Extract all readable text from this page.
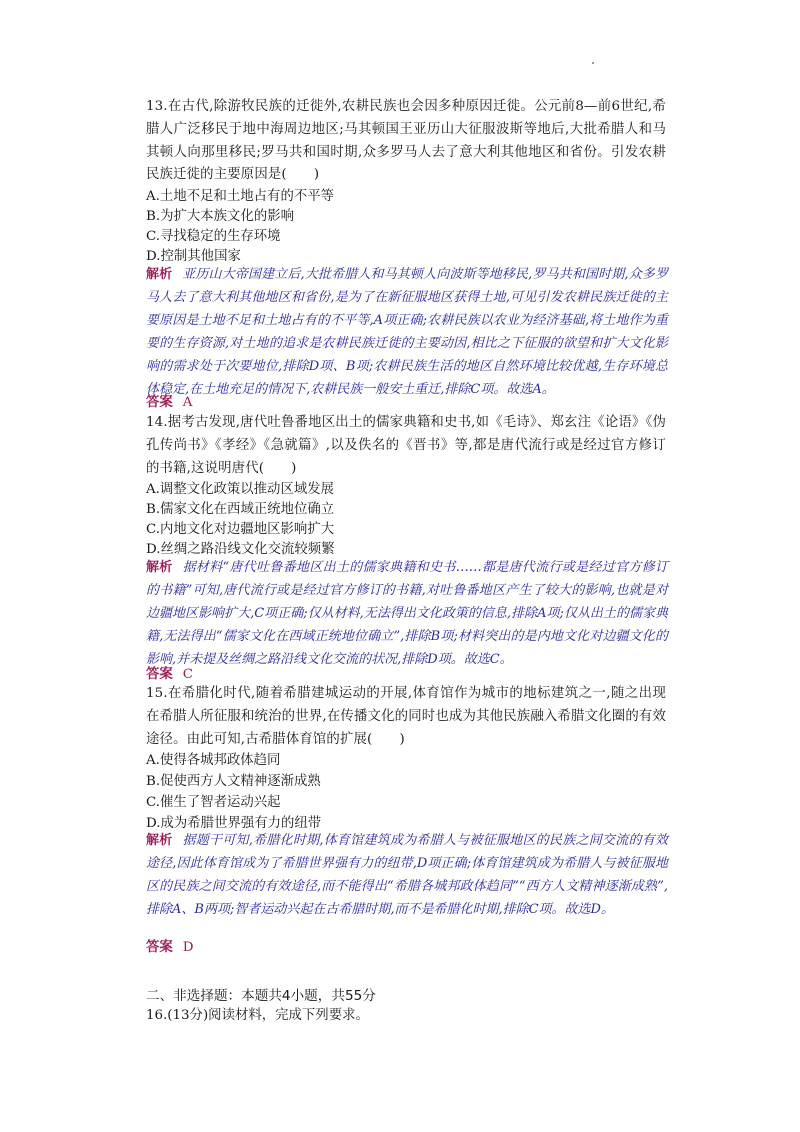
13.在古代,除游牧民族的迁徙外,农耕民族也会因多种原因迁徙。公元前8—前6世纪,希腊人广泛移民于地中海周边地区;马其顿国王亚历山大征服波斯等地后,大批希腊人和马其顿人向那里移民;罗马共和国时期,众多罗马人去了意大利其他地区和省份。引发农耕民族迁徙的主要原因是(　　)
A.土地不足和土地占有的不平等
B.为扩大本族文化的影响
C.寻找稳定的生存环境
D.控制其他国家
解析 亚历山大帝国建立后,大批希腊人和马其顿人向波斯等地移民,罗马共和国时期,众多罗马人去了意大利其他地区和省份,是为了在新征服地区获得土地,可见引发农耕民族迁徙的主要原因是土地不足和土地占有的不平等,A项正确;农耕民族以农业为经济基础,将土地作为重要的生存资源,对土地的追求是农耕民族迁徙的主要动因,相比之下征服的欲望和扩大文化影响的需求处于次要地位,排除D项、B项;农耕民族生活的地区自然环境比较优越,生存环境总体稳定,在土地充足的情况下,农耕民族一般安土重迁,排除C项。故选A。
答案 A
14.据考古发现,唐代吐鲁番地区出土的儒家典籍和史书,如《毛诗》、郑玄注《论语》《伪孔传尚书》《孝经》《急就篇》,以及佚名的《晋书》等,都是唐代流行或是经过官方修订的书籍,这说明唐代(　　)
A.调整文化政策以推动区域发展
B.儒家文化在西域正统地位确立
C.内地文化对边疆地区影响扩大
D.丝绸之路沿线文化交流较频繁
解析 据材料“唐代吐鲁番地区出土的儒家典籍和史书……都是唐代流行或是经过官方修订的书籍”可知,唐代流行或是经过官方修订的书籍,对吐鲁番地区产生了较大的影响,也就是对边疆地区影响扩大,C项正确;仅从材料,无法得出文化政策的信息,排除A项;仅从出土的儒家典籍,无法得出“儒家文化在西域正统地位确立”,排除B项;材料突出的是内地文化对边疆文化的影响,并未提及丝绸之路沿线文化交流的状况,排除D项。故选C。
答案 C
15.在希腊化时代,随着希腊建城运动的开展,体育馆作为城市的地标建筑之一,随之出现在希腊人所征服和统治的世界,在传播文化的同时也成为其他民族融入希腊文化圈的有效途径。由此可知,古希腊体育馆的扩展(　　)
A.使得各城邦政体趋同
B.促使西方人文精神逐渐成熟
C.催生了智者运动兴起
D.成为希腊世界强有力的纽带
解析 据题干可知,希腊化时期,体育馆建筑成为希腊人与被征服地区的民族之间交流的有效途径,因此体育馆成为了希腊世界强有力的纽带,D项正确;体育馆建筑成为希腊人与被征服地区的民族之间交流的有效途径,而不能得出“希腊各城邦政体趋同”“西方人文精神逐渐成熟”,排除A、B两项;智者运动兴起在古希腊时期,而不是希腊化时期,排除C项。故选D。
答案 D
二、非选择题：本题共4小题，共55分
16.(13分)阅读材料，完成下列要求。
